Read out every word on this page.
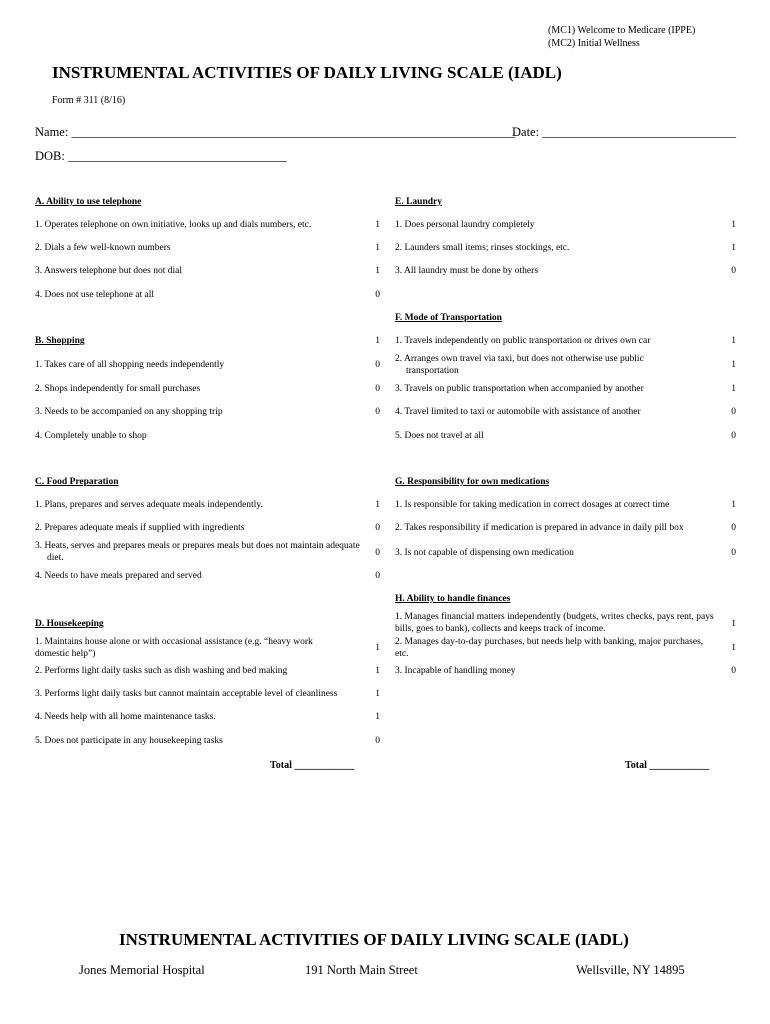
(MC1) Welcome to Medicare (IPPE)
(MC2) Initial Wellness
INSTRUMENTAL ACTIVITIES OF DAILY LIVING SCALE (IADL)
Form # 311 (8/16)
Name: _______________________________________________________________________
Date: _______________________________
DOB: ___________________________________
A. Ability to use telephone
1. Operates telephone on own initiative, looks up and dials numbers, etc.	1
2. Dials a few well-known numbers	1
3. Answers telephone but does not dial	1
4. Does not use telephone at all	0
B. Shopping	1
1. Takes care of all shopping needs independently	0
2. Shops independently for small purchases	0
3. Needs to be accompanied on any shopping trip	0
4. Completely unable to shop
C. Food Preparation
1. Plans, prepares and serves adequate meals independently.	1
2. Prepares adequate meals if supplied with ingredients	0
3. Heats, serves and prepares meals or prepares meals but does not maintain adequate diet.	0
4. Needs to have meals prepared and served	0
D. Housekeeping
1. Maintains house alone or with occasional assistance (e.g. “heavy work domestic help”)
1
2. Performs light daily tasks such as dish washing and bed making	1
3. Performs light daily tasks but cannot maintain acceptable level of cleanliness	1
4. Needs help with all home maintenance tasks.	1
5. Does not participate in any housekeeping tasks	0
Total ____________
E. Laundry
1. Does personal laundry completely	1
2. Launders small items; rinses stockings, etc.	1
3. All laundry must be done by others	0
F. Mode of Transportation
1. Travels independently on public transportation or drives own car	1
2. Arranges own travel via taxi, but does not otherwise use public transportation
1
3. Travels on public transportation when accompanied by another	1
4. Travel limited to taxi or automobile with assistance of another	0
5. Does not travel at all	0
G. Responsibility for own medications
1. Is responsible for taking medication in correct dosages at correct time	1
2. Takes responsibility if medication is prepared in advance in daily pill box	0
3. Is not capable of dispensing own medication	0
H. Ability to handle finances
1. Manages financial matters independently (budgets, writes checks, pays rent, pays bills, goes to bank), collects and keeps track of income.	1
2. Manages day-to-day purchases, but needs help with banking, major purchases, etc.
1
3. Incapable of handling money	0
Total ____________
INSTRUMENTAL ACTIVITIES OF DAILY LIVING SCALE (IADL)
Jones Memorial Hospital	191 North Main Street	Wellsville, NY 14895
